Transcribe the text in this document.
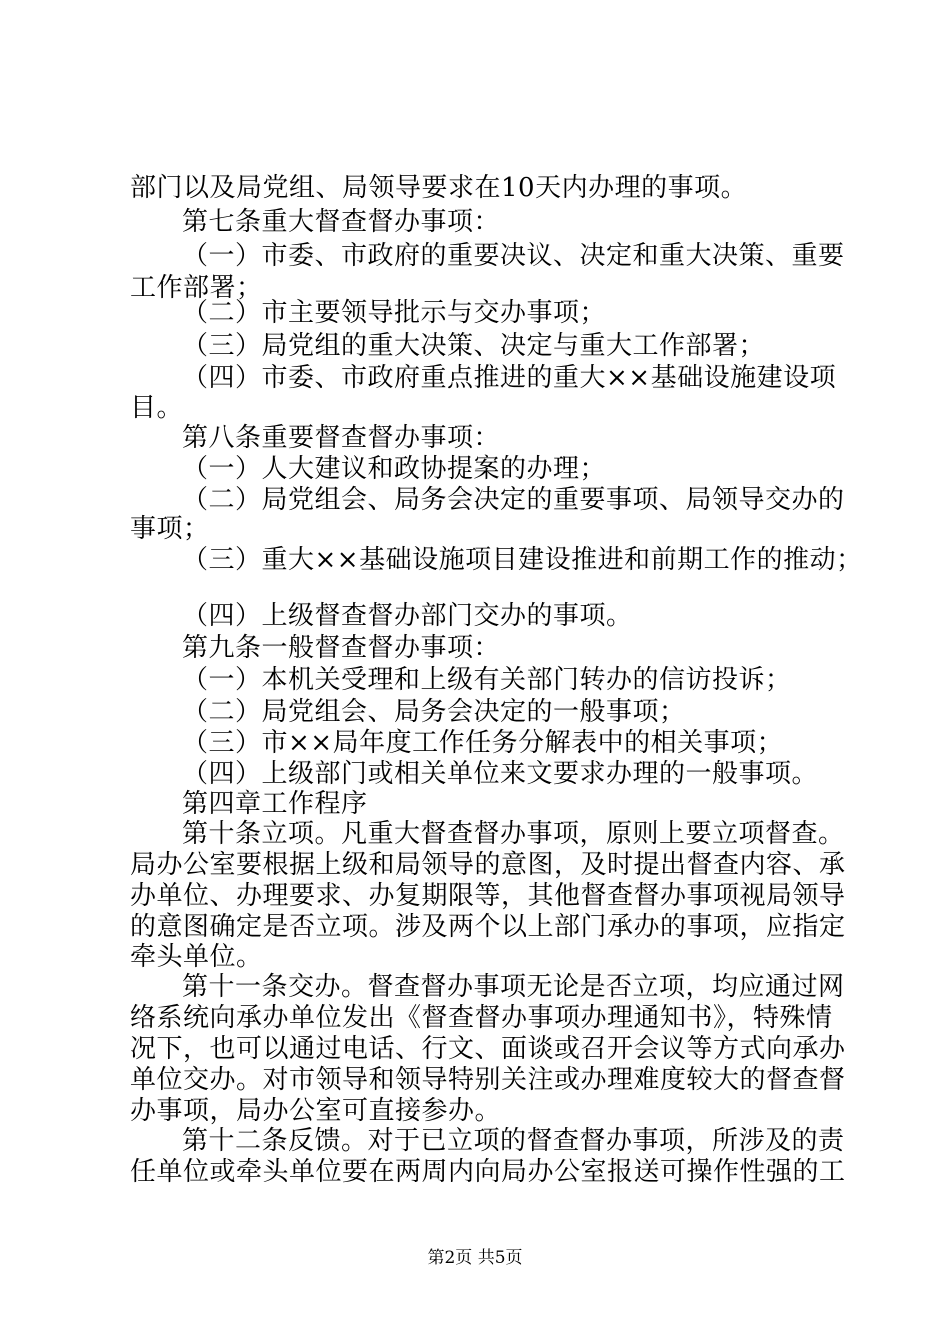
部门以及局党组、局领导要求在10天内办理的事项。
第七条重大督查督办事项：
（一）市委、市政府的重要决议、决定和重大决策、重要
工作部署；
（二）市主要领导批示与交办事项；
（三）局党组的重大决策、决定与重大工作部署；
（四）市委、市政府重点推进的重大××基础设施建设项
目。
第八条重要督查督办事项：
（一）人大建议和政协提案的办理；
（二）局党组会、局务会决定的重要事项、局领导交办的
事项；
（三）重大××基础设施项目建设推进和前期工作的推动；
（四）上级督查督办部门交办的事项。
第九条一般督查督办事项：
（一）本机关受理和上级有关部门转办的信访投诉；
（二）局党组会、局务会决定的一般事项；
（三）市××局年度工作任务分解表中的相关事项；
（四）上级部门或相关单位来文要求办理的一般事项。
第四章工作程序
第十条立项。凡重大督查督办事项，原则上要立项督查。
局办公室要根据上级和局领导的意图，及时提出督查内容、承
办单位、办理要求、办复期限等，其他督查督办事项视局领导
的意图确定是否立项。涉及两个以上部门承办的事项，应指定
牵头单位。
第十一条交办。督查督办事项无论是否立项，均应通过网
络系统向承办单位发出《督查督办事项办理通知书》，特殊情
况下，也可以通过电话、行文、面谈或召开会议等方式向承办
单位交办。对市领导和领导特别关注或办理难度较大的督查督
办事项，局办公室可直接参办。
第十二条反馈。对于已立项的督查督办事项，所涉及的责
任单位或牵头单位要在两周内向局办公室报送可操作性强的工
第2页 共5页
